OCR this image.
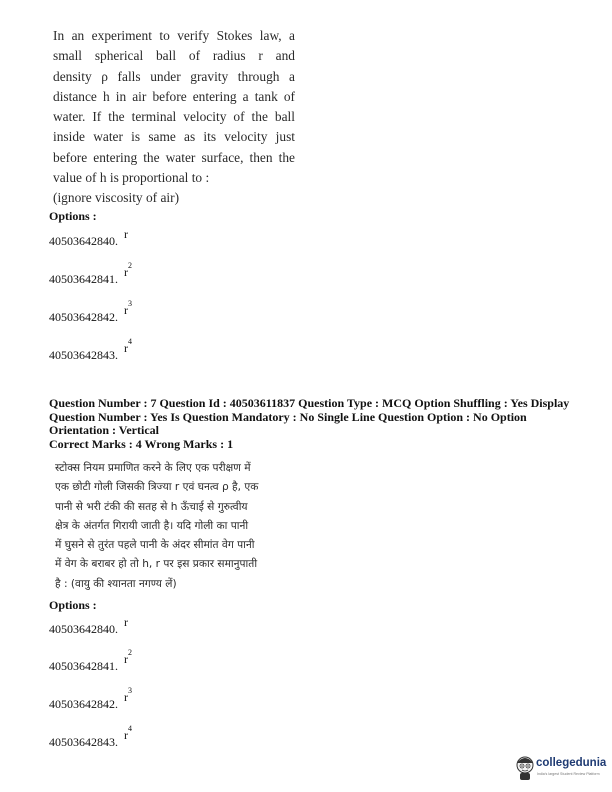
In an experiment to verify Stokes law, a
small spherical ball of radius r and
density ρ falls under gravity through a
distance h in air before entering a tank of
water. If the terminal velocity of the ball
inside water is same as its velocity just
before entering the water surface, then the
value of h is proportional to :
(ignore viscosity of air)
Options :
40503642840. r
40503642841. $r^2$
40503642842. $r^3$
40503642843. $r^4$
Question Number : 7 Question Id : 40503611837 Question Type : MCQ Option Shuffling : Yes Display
Question Number : Yes Is Question Mandatory : No Single Line Question Option : No Option
Orientation : Vertical
Correct Marks : 4 Wrong Marks : 1
स्टोक्स नियम प्रमाणित करने के लिए एक परीक्षण में
एक छोटी गोली जिसकी त्रिज्या r एवं घनत्व ρ है, एक
पानी से भरी टंकी की सतह से h ऊँचाई से गुरुत्वीय
क्षेत्र के अंतर्गत गिरायी जाती है। यदि गोली का पानी
में घुसने से तुरंत पहले पानी के अंदर सीमांत वेग पानी
में वेग के बराबर हो तो h, r पर इस प्रकार समानुपाती
है : (वायु की श्यानता नगण्य लें)
Options :
40503642840. r
40503642841. $r^2$
40503642842. $r^3$
40503642843. $r^4$
collegedunia
India's largest Student Review Platform
